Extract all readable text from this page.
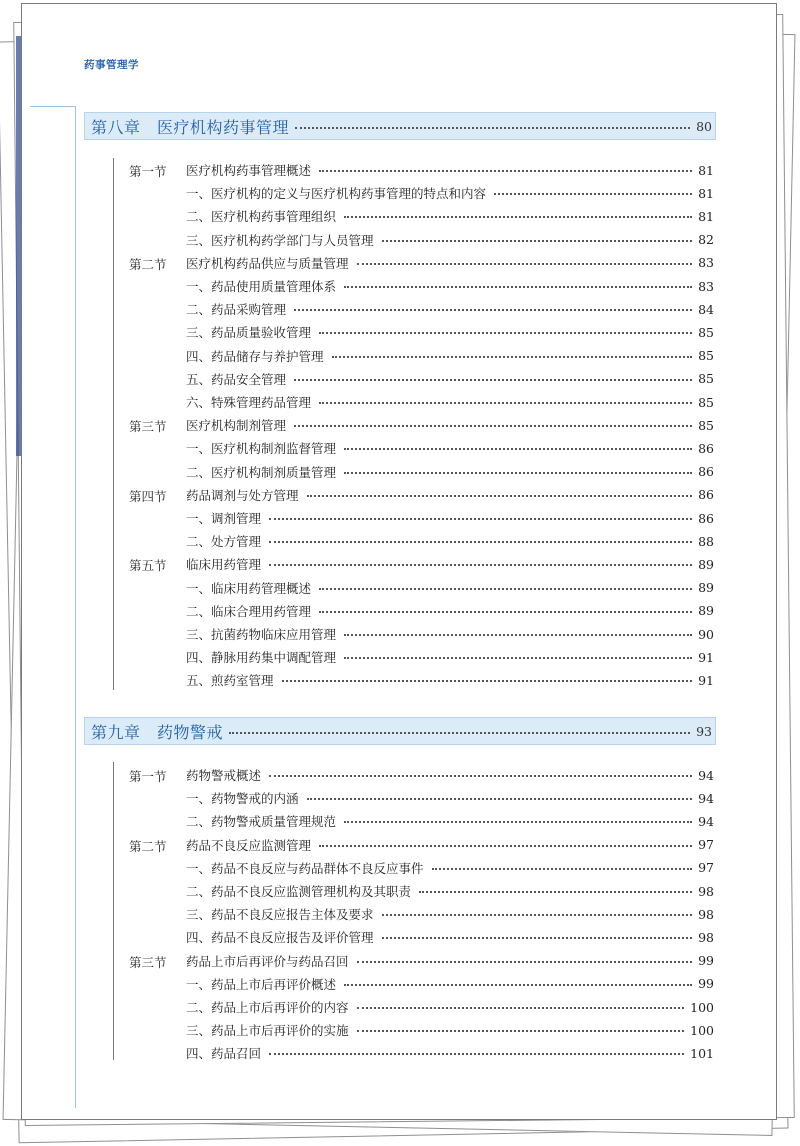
药事管理学
第八章　医疗机构药事管理	80
第一节 医疗机构药事管理概述	81
一、医疗机构的定义与医疗机构药事管理的特点和内容	81
二、医疗机构药事管理组织	81
三、医疗机构药学部门与人员管理	82
第二节 医疗机构药品供应与质量管理	83
一、药品使用质量管理体系	83
二、药品采购管理	84
三、药品质量验收管理	85
四、药品储存与养护管理	85
五、药品安全管理	85
六、特殊管理药品管理	85
第三节 医疗机构制剂管理	85
一、医疗机构制剂监督管理	86
二、医疗机构制剂质量管理	86
第四节 药品调剂与处方管理	86
一、调剂管理	86
二、处方管理	88
第五节 临床用药管理	89
一、临床用药管理概述	89
二、临床合理用药管理	89
三、抗菌药物临床应用管理	90
四、静脉用药集中调配管理	91
五、煎药室管理	91
第九章　药物警戒	93
第一节 药物警戒概述	94
一、药物警戒的内涵	94
二、药物警戒质量管理规范	94
第二节 药品不良反应监测管理	97
一、药品不良反应与药品群体不良反应事件	97
二、药品不良反应监测管理机构及其职责	98
三、药品不良反应报告主体及要求	98
四、药品不良反应报告及评价管理	98
第三节 药品上市后再评价与药品召回	99
一、药品上市后再评价概述	99
二、药品上市后再评价的内容	100
三、药品上市后再评价的实施	100
四、药品召回	101
